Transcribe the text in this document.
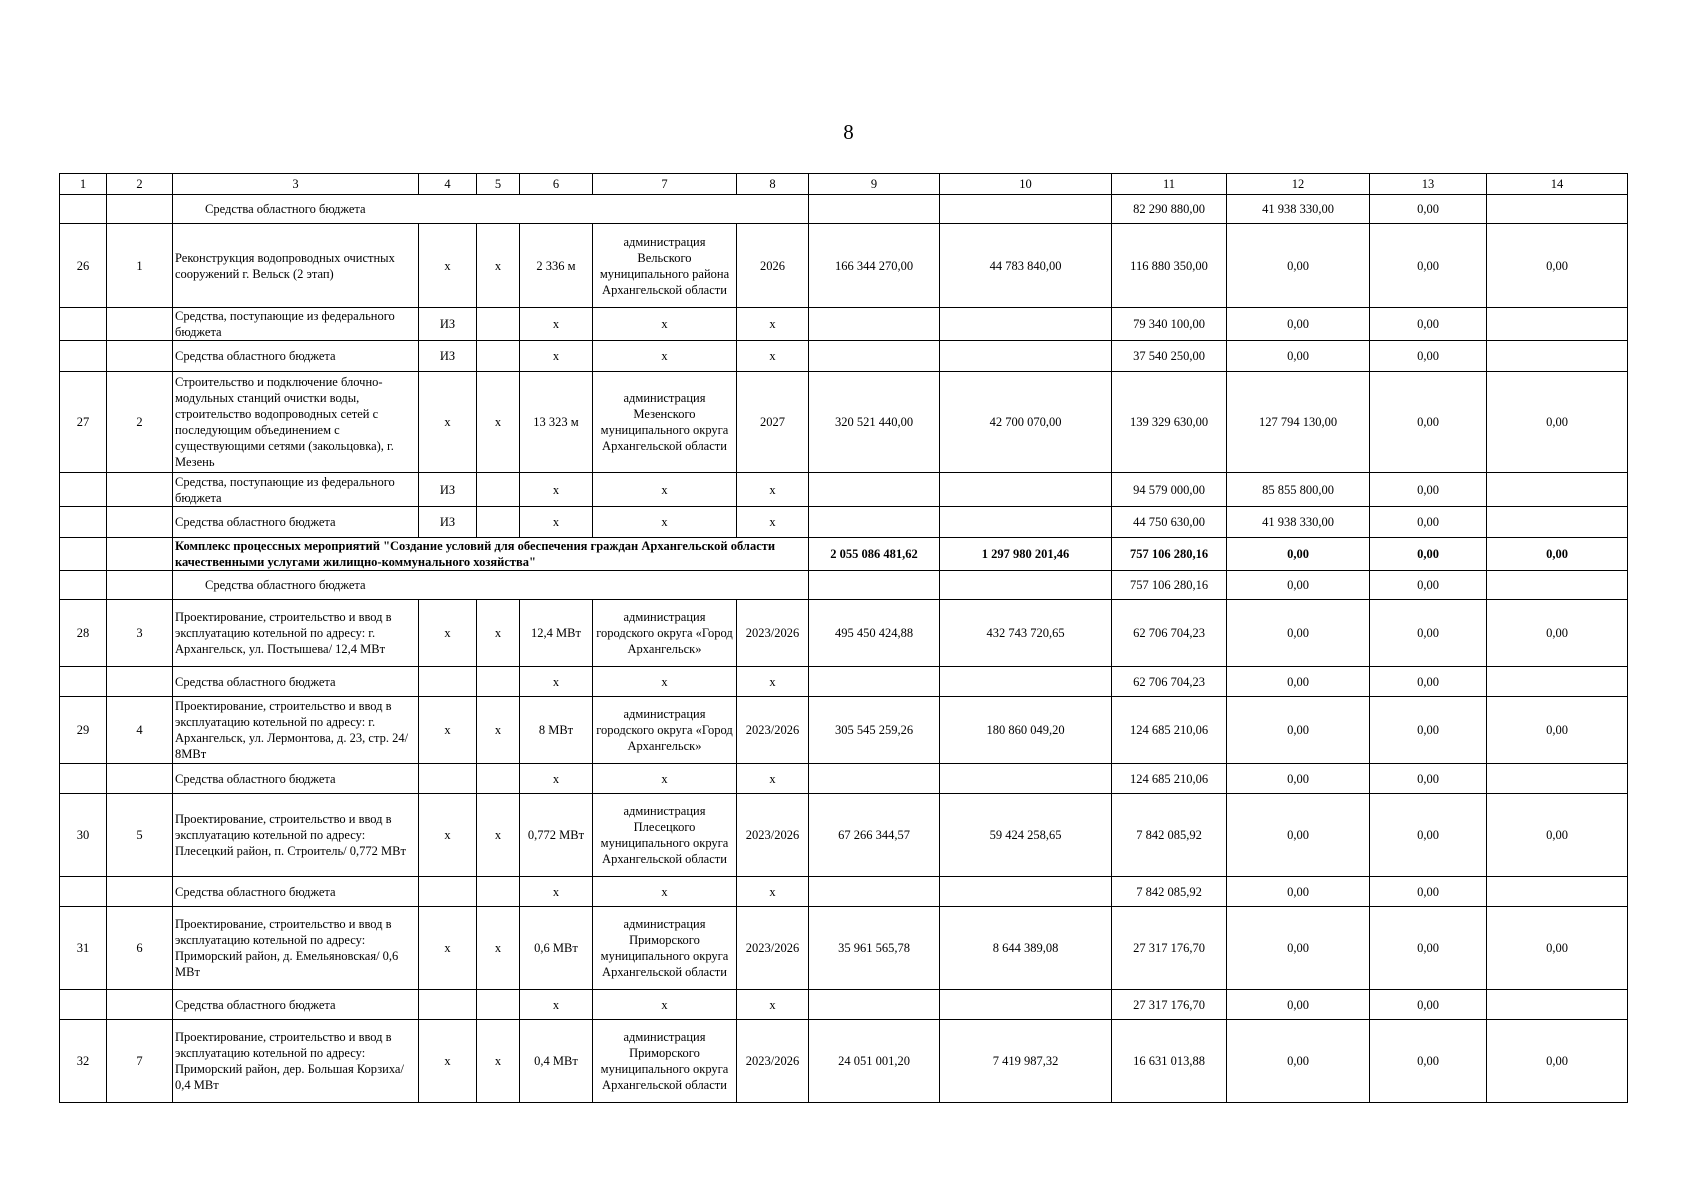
8
1	2	3	4	5	6	7	8	9	10	11	12	13	14
		Средства областного бюджета								82 290 880,00	41 938 330,00	0,00	
26	1	Реконструкция водопроводных очистных сооружений г. Вельск (2 этап)	х	х	2 336 м	администрация Вельского муниципального района Архангельской области	2026	166 344 270,00	44 783 840,00	116 880 350,00	0,00	0,00	0,00
		Средства, поступающие из федерального бюджета	ИЗ		х	х	х			79 340 100,00	0,00	0,00	
		Средства областного бюджета	ИЗ		х	х	х			37 540 250,00	0,00	0,00	
27	2	Строительство и подключение блочно-модульных станций очистки воды, строительство водопроводных сетей с последующим объединением с существующими сетями (закольцовка), г. Мезень	х	х	13 323 м	администрация Мезенского муниципального округа Архангельской области	2027	320 521 440,00	42 700 070,00	139 329 630,00	127 794 130,00	0,00	0,00
		Средства, поступающие из федерального бюджета	ИЗ		х	х	х			94 579 000,00	85 855 800,00	0,00	
		Средства областного бюджета	ИЗ		х	х	х			44 750 630,00	41 938 330,00	0,00	
		Комплекс процессных мероприятий "Создание условий для обеспечения граждан Архангельской области качественными услугами жилищно-коммунального хозяйства"						2 055 086 481,62	1 297 980 201,46	757 106 280,16	0,00	0,00	0,00
		Средства областного бюджета								757 106 280,16	0,00	0,00	
28	3	Проектирование, строительство и ввод в эксплуатацию котельной по адресу: г. Архангельск, ул. Постышева/ 12,4 МВт	х	х	12,4 МВт	администрация городского округа «Город Архангельск»	2023/2026	495 450 424,88	432 743 720,65	62 706 704,23	0,00	0,00	0,00
		Средства областного бюджета			х	х	х			62 706 704,23	0,00	0,00	
29	4	Проектирование, строительство и ввод в эксплуатацию котельной по адресу: г. Архангельск, ул. Лермонтова, д. 23, стр. 24/ 8МВт	х	х	8 МВт	администрация городского округа «Город Архангельск»	2023/2026	305 545 259,26	180 860 049,20	124 685 210,06	0,00	0,00	0,00
		Средства областного бюджета			х	х	х			124 685 210,06	0,00	0,00	
30	5	Проектирование, строительство и ввод в эксплуатацию котельной по адресу: Плесецкий район, п. Строитель/ 0,772 МВт	х	х	0,772 МВт	администрация Плесецкого муниципального округа Архангельской области	2023/2026	67 266 344,57	59 424 258,65	7 842 085,92	0,00	0,00	0,00
		Средства областного бюджета			х	х	х			7 842 085,92	0,00	0,00	
31	6	Проектирование, строительство и ввод в эксплуатацию котельной по адресу: Приморский район, д. Емельяновская/ 0,6 МВт	х	х	0,6 МВт	администрация Приморского муниципального округа Архангельской области	2023/2026	35 961 565,78	8 644 389,08	27 317 176,70	0,00	0,00	0,00
		Средства областного бюджета			х	х	х			27 317 176,70	0,00	0,00	
32	7	Проектирование, строительство и ввод в эксплуатацию котельной по адресу: Приморский район, дер. Большая Корзиха/ 0,4 МВт	х	х	0,4 МВт	администрация Приморского муниципального округа Архангельской области	2023/2026	24 051 001,20	7 419 987,32	16 631 013,88	0,00	0,00	0,00
